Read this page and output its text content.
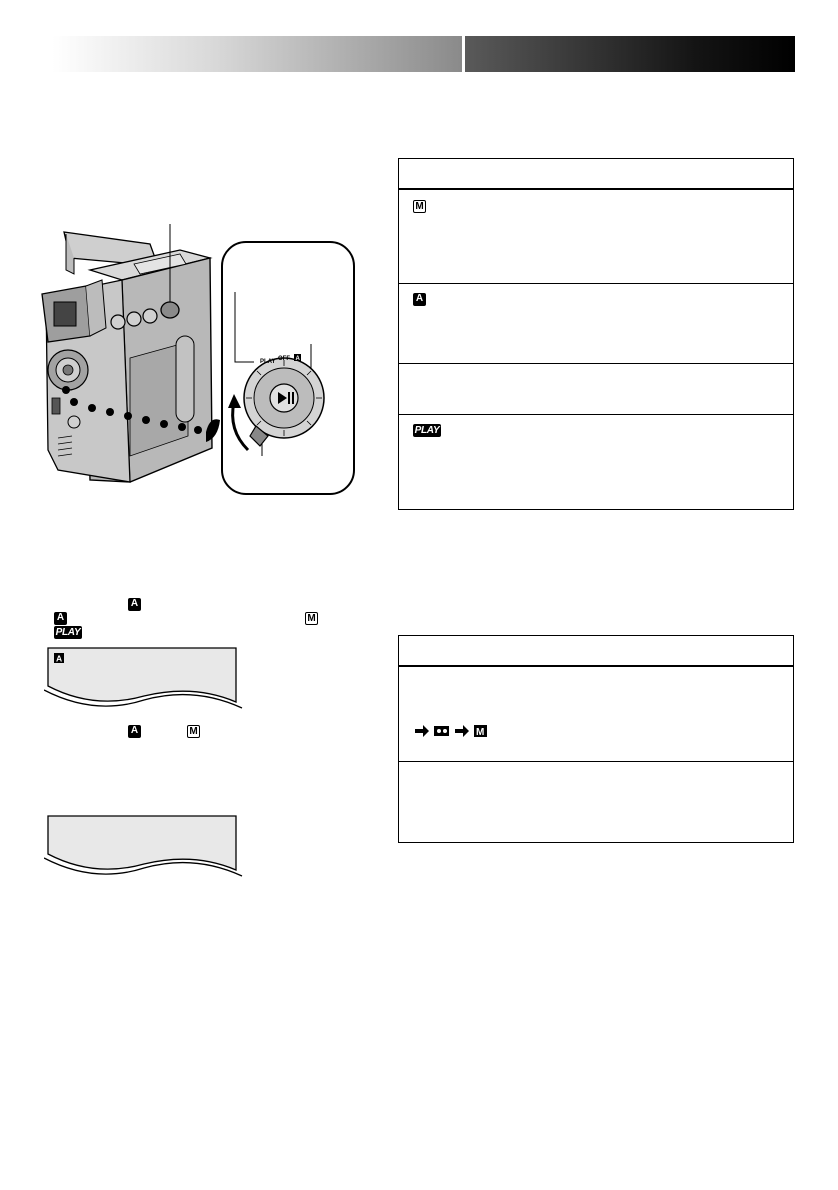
PLAY OFF A
A
A	M
PLAY
A
A	M
M
A
PLAY
M
